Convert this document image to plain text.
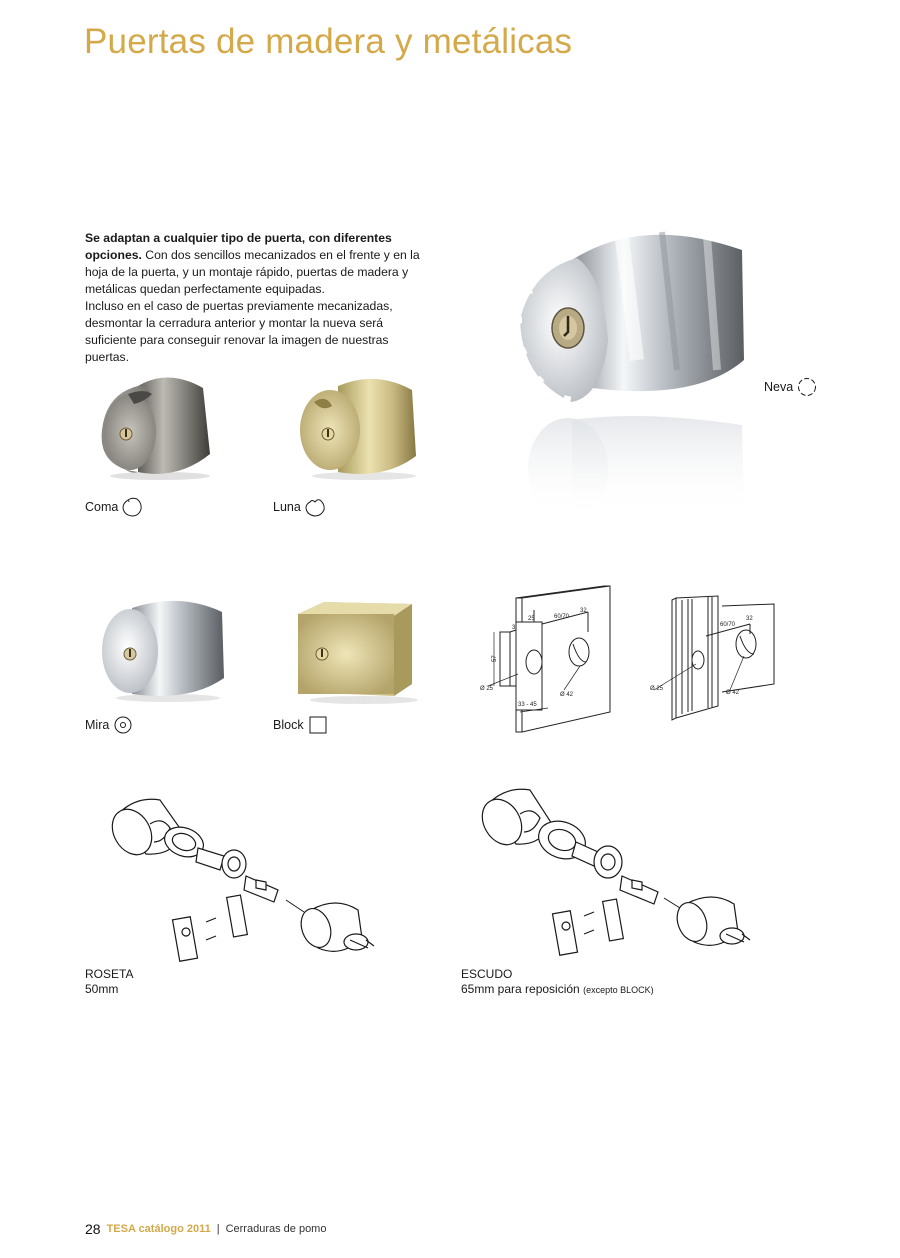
Puertas de madera y metálicas
Se adaptan a cualquier tipo de puerta, con diferentes opciones. Con dos sencillos mecanizados en el frente y en la hoja de la puerta, y un montaje rápido, puertas de madera y metálicas quedan perfectamente equipadas.
Incluso en el caso de puertas previamente mecanizadas, desmontar la cerradura anterior y montar la nueva será suficiente para conseguir renovar la imagen de nuestras puertas.
Coma	Luna
Neva
Mira	Block
25	60/70
32
3
57
Ø 25
Ø 42
33 - 45
60/70
32
Ø 25
Ø 42
ROSETA
50mm
ESCUDO
65mm para reposición (excepto BLOCK)
28 TESA catálogo 2011 | Cerraduras de pomo
